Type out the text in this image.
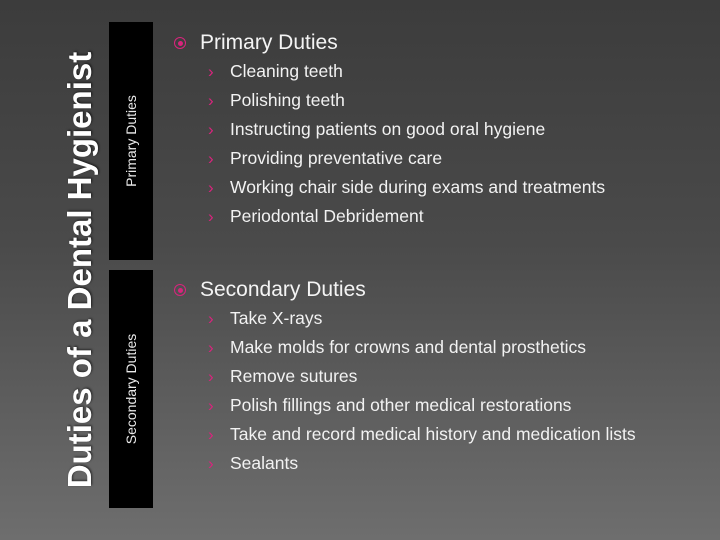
Duties of a Dental Hygienist Primary Duties
Secondary Duties
Primary Duties
› Cleaning teeth
› Polishing teeth
› Instructing patients on good oral hygiene
› Providing preventative care
› Working chair side during exams and treatments
› Periodontal Debridement
Secondary Duties
› Take X-rays
› Make molds for crowns and dental prosthetics
› Remove sutures
› Polish fillings and other medical restorations
› Take and record medical history and medication lists
› Sealants
